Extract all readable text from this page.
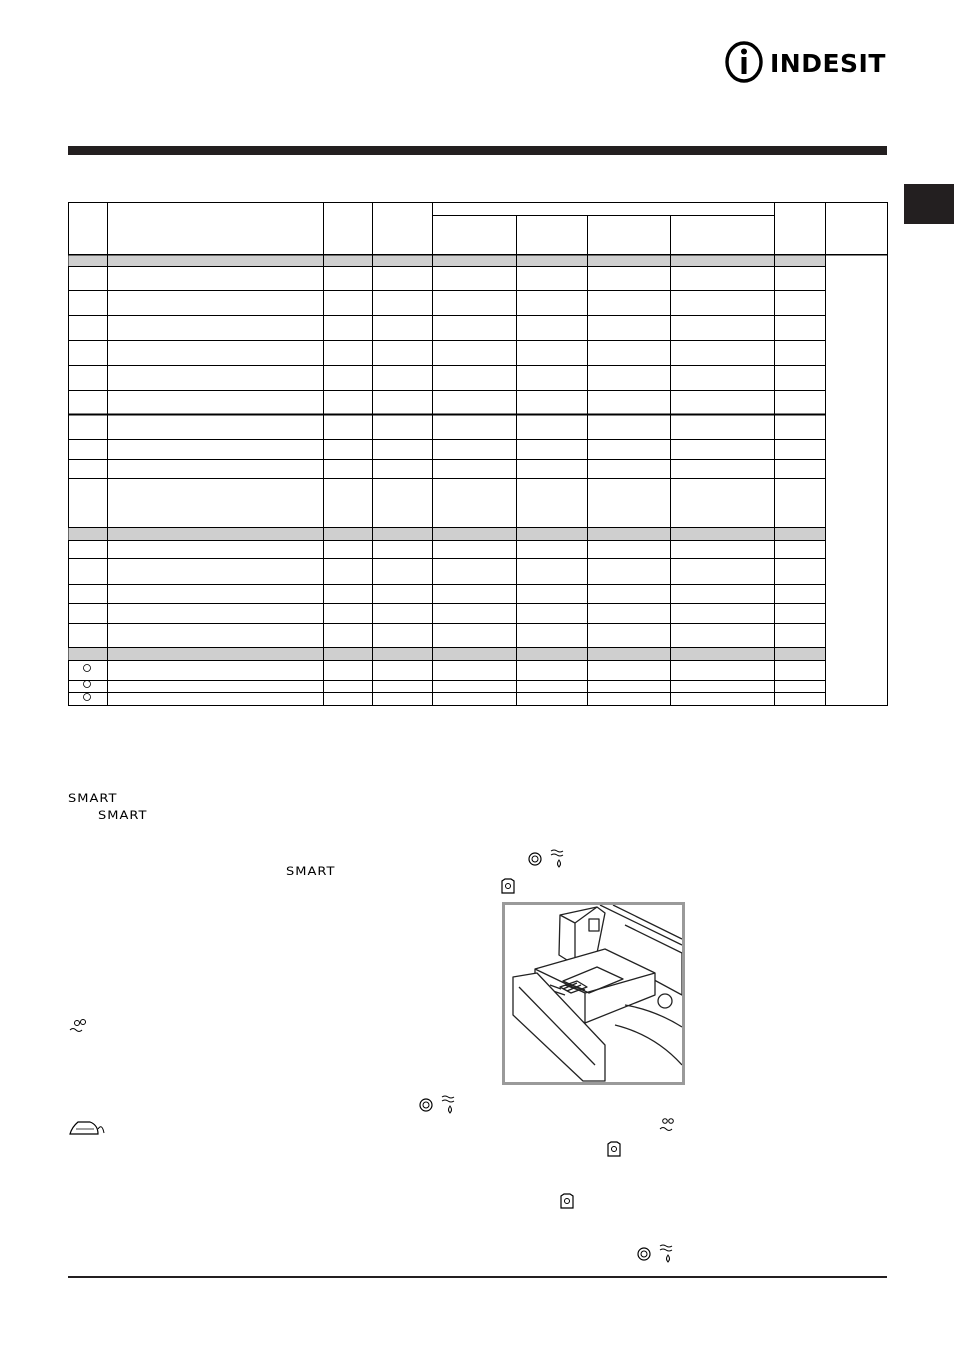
INDESIT
SMART
SMART
SMART
